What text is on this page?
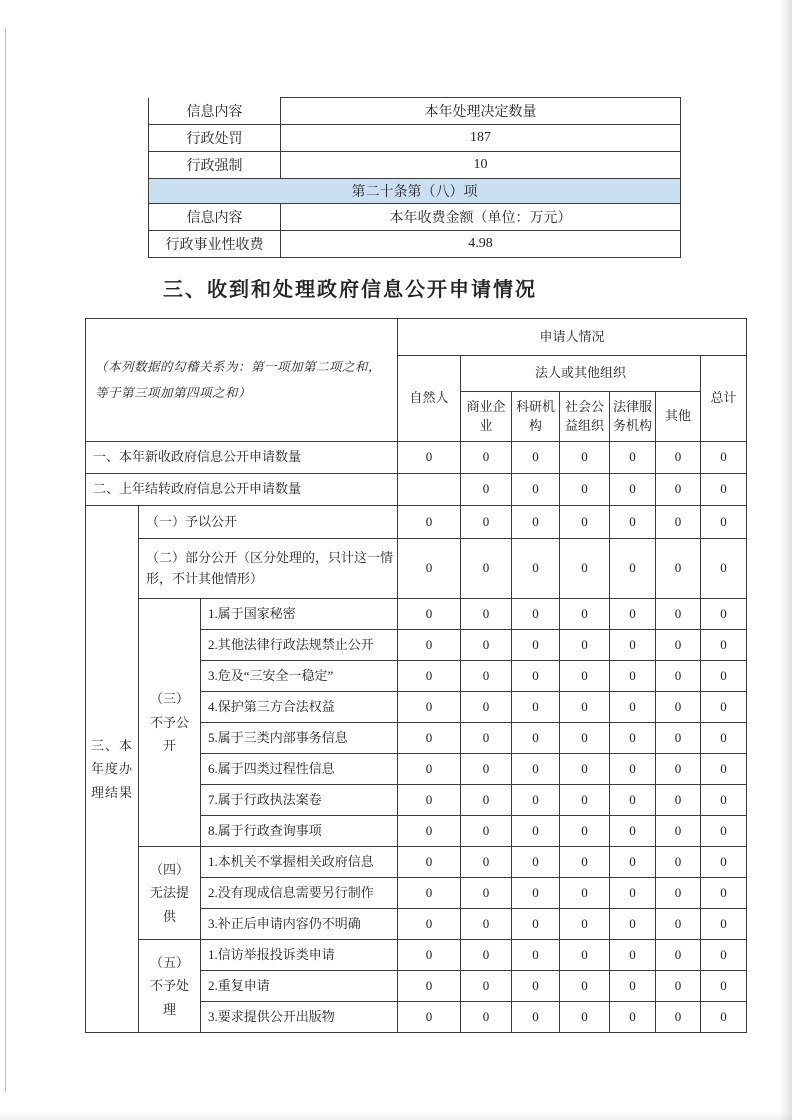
信息内容	本年处理决定数量
行政处罚	187
行政强制	10
第二十条第（八）项	
信息内容	本年收费金额（单位：万元）
行政事业性收费	4.98
三、收到和处理政府信息公开申请情况
（本列数据的勾稽关系为：第一项加第二项之和，
等于第三项加第四项之和）			申请人情况						
			自然人	法人或其他组织					总计
				商业企业	科研机构	社会公益组织	法律服务机构	其他	
一、本年新收政府信息公开申请数量			0	0	0	0	0	0	0
二、上年结转政府信息公开申请数量				0	0	0	0	0	0
三、本年度办理结果	（一）予以公开		0	0	0	0	0	0	0
	（二）部分公开（区分处理的，只计这一情形，不计其他情形）		0	0	0	0	0	0	0
	（三）不予公开	1.属于国家秘密	0	0	0	0	0	0	0
		2.其他法律行政法规禁止公开	0	0	0	0	0	0	0
		3.危及“三安全一稳定”	0	0	0	0	0	0	0
		4.保护第三方合法权益	0	0	0	0	0	0	0
		5.属于三类内部事务信息	0	0	0	0	0	0	0
		6.属于四类过程性信息	0	0	0	0	0	0	0
		7.属于行政执法案卷	0	0	0	0	0	0	0
		8.属于行政查询事项	0	0	0	0	0	0	0
	（四）无法提供	1.本机关不掌握相关政府信息	0	0	0	0	0	0	0
		2.没有现成信息需要另行制作	0	0	0	0	0	0	0
		3.补正后申请内容仍不明确	0	0	0	0	0	0	0
	（五）不予处理	1.信访举报投诉类申请	0	0	0	0	0	0	0
		2.重复申请	0	0	0	0	0	0	0
		3.要求提供公开出版物	0	0	0	0	0	0	0
